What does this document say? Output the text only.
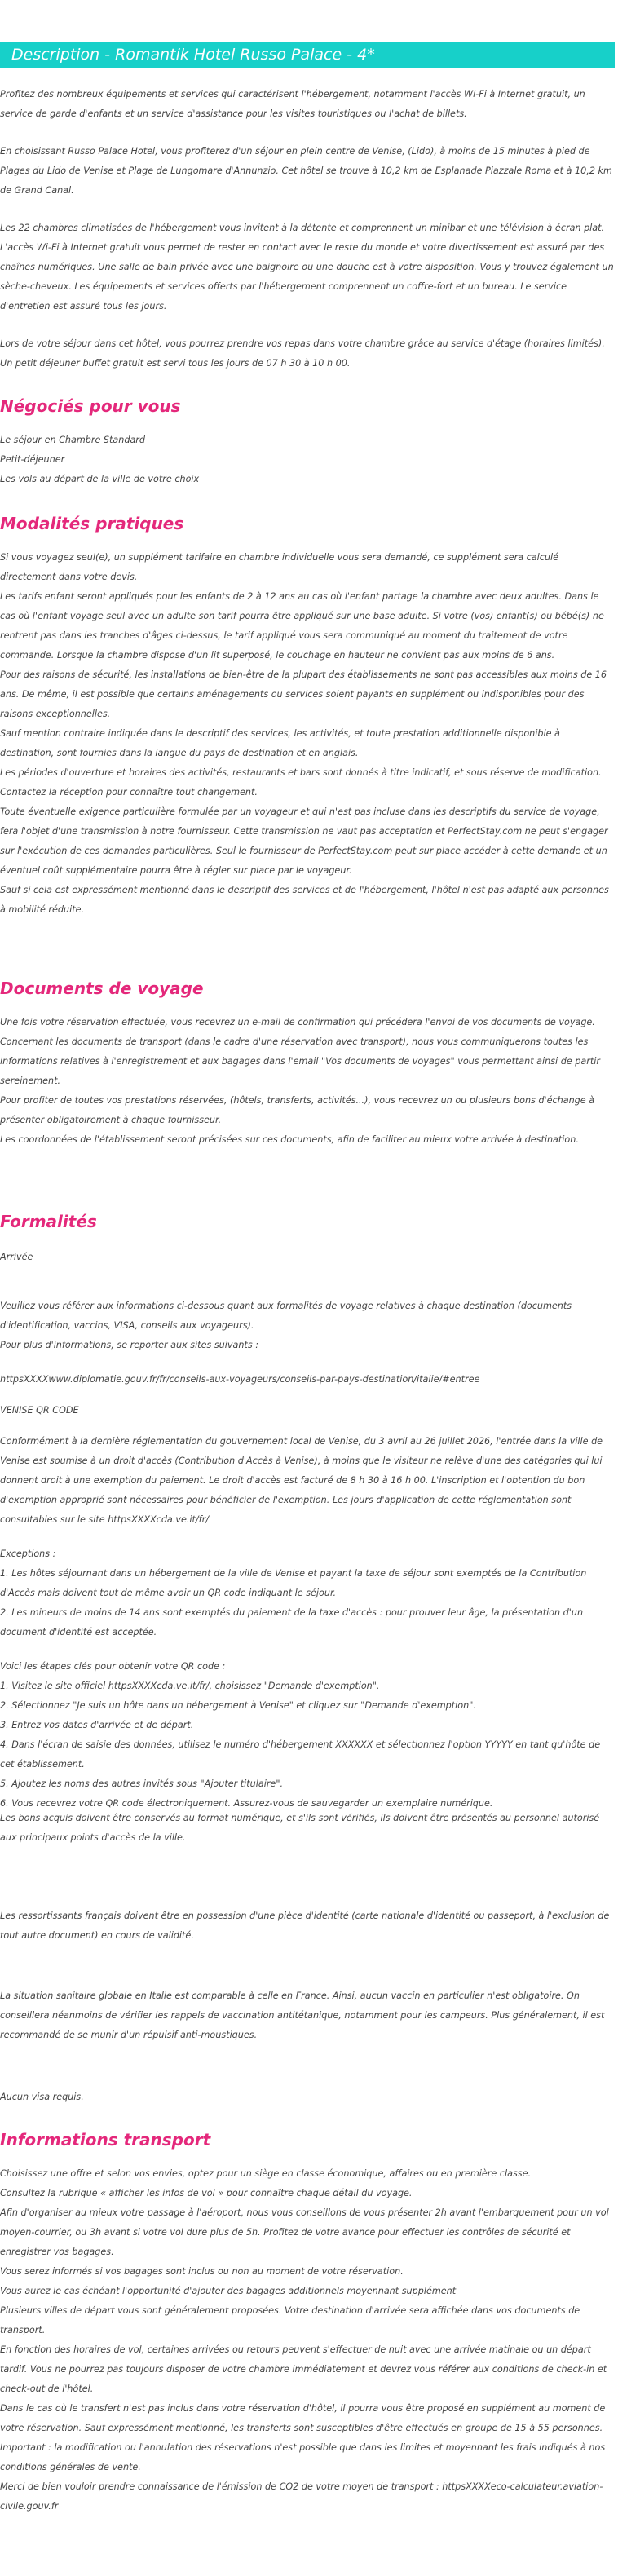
Description - Romantik Hotel Russo Palace - 4*

Profitez des nombreux équipements et services qui caractérisent l'hébergement, notamment l'accès Wi-Fi à Internet gratuit, un service de garde d'enfants et un service d'assistance pour les visites touristiques ou l'achat de billets.

En choisissant Russo Palace Hotel, vous profiterez d'un séjour en plein centre de Venise, (Lido), à moins de 15 minutes à pied de Plages du Lido de Venise et Plage de Lungomare d'Annunzio. Cet hôtel se trouve à 10,2 km de Esplanade Piazzale Roma et à 10,2 km de Grand Canal.

Les 22 chambres climatisées de l'hébergement vous invitent à la détente et comprennent un minibar et une télévision à écran plat. L'accès Wi-Fi à Internet gratuit vous permet de rester en contact avec le reste du monde et votre divertissement est assuré par des chaînes numériques. Une salle de bain privée avec une baignoire ou une douche est à votre disposition. Vous y trouvez également un sèche-cheveux. Les équipements et services offerts par l'hébergement comprennent un coffre-fort et un bureau. Le service d'entretien est assuré tous les jours.

Lors de votre séjour dans cet hôtel, vous pourrez prendre vos repas dans votre chambre grâce au service d'étage (horaires limités). Un petit déjeuner buffet gratuit est servi tous les jours de 07 h 30 à 10 h 00.

Négociés pour vous

Le séjour en Chambre Standard

Petit-déjeuner

Les vols au départ de la ville de votre choix

Modalités pratiques

Si vous voyagez seul(e), un supplément tarifaire en chambre individuelle vous sera demandé, ce supplément sera calculé directement dans votre devis.
Les tarifs enfant seront appliqués pour les enfants de 2 à 12 ans au cas où l'enfant partage la chambre avec deux adultes. Dans le cas où l'enfant voyage seul avec un adulte son tarif pourra être appliqué sur une base adulte. Si votre (vos) enfant(s) ou bébé(s) ne rentrent pas dans les tranches d'âges ci-dessus, le tarif appliqué vous sera communiqué au moment du traitement de votre commande. Lorsque la chambre dispose d'un lit superposé, le couchage en hauteur ne convient pas aux moins de 6 ans.
Pour des raisons de sécurité, les installations de bien-être de la plupart des établissements ne sont pas accessibles aux moins de 16 ans. De même, il est possible que certains aménagements ou services soient payants en supplément ou indisponibles pour des raisons exceptionnelles.
Sauf mention contraire indiquée dans le descriptif des services, les activités, et toute prestation additionnelle disponible à destination, sont fournies dans la langue du pays de destination et en anglais.
Les périodes d'ouverture et horaires des activités, restaurants et bars sont donnés à titre indicatif, et sous réserve de modification. Contactez la réception pour connaître tout changement.
Toute éventuelle exigence particulière formulée par un voyageur et qui n'est pas incluse dans les descriptifs du service de voyage, fera l'objet d'une transmission à notre fournisseur. Cette transmission ne vaut pas acceptation et PerfectStay.com ne peut s'engager sur l'exécution de ces demandes particulières. Seul le fournisseur de PerfectStay.com peut sur place accéder à cette demande et un éventuel coût supplémentaire pourra être à régler sur place par le voyageur.
Sauf si cela est expressément mentionné dans le descriptif des services et de l'hébergement, l'hôtel n'est pas adapté aux personnes à mobilité réduite.

Documents de voyage

Une fois votre réservation effectuée, vous recevrez un e-mail de confirmation qui précédera l'envoi de vos documents de voyage.
Concernant les documents de transport (dans le cadre d'une réservation avec transport), nous vous communiquerons toutes les informations relatives à l'enregistrement et aux bagages dans l'email "Vos documents de voyages" vous permettant ainsi de partir sereinement.
Pour profiter de toutes vos prestations réservées, (hôtels, transferts, activités...), vous recevrez un ou plusieurs bons d'échange à présenter obligatoirement à chaque fournisseur.
Les coordonnées de l'établissement seront précisées sur ces documents, afin de faciliter au mieux votre arrivée à destination.

Formalités

Arrivée

Veuillez vous référer aux informations ci-dessous quant aux formalités de voyage relatives à chaque destination (documents d'identification, vaccins, VISA, conseils aux voyageurs).
Pour plus d'informations, se reporter aux sites suivants :

httpsXXXXwww.diplomatie.gouv.fr/fr/conseils-aux-voyageurs/conseils-par-pays-destination/italie/#entree

VENISE QR CODE

Conformément à la dernière réglementation du gouvernement local de Venise, du 3 avril au 26 juillet 2026, l'entrée dans la ville de Venise est soumise à un droit d'accès (Contribution d'Accès à Venise), à moins que le visiteur ne relève d'une des catégories qui lui donnent droit à une exemption du paiement. Le droit d'accès est facturé de 8 h 30 à 16 h 00. L'inscription et l'obtention du bon d'exemption approprié sont nécessaires pour bénéficier de l'exemption. Les jours d'application de cette réglementation sont consultables sur le site httpsXXXXcda.ve.it/fr/

Exceptions :
1. Les hôtes séjournant dans un hébergement de la ville de Venise et payant la taxe de séjour sont exemptés de la Contribution d'Accès mais doivent tout de même avoir un QR code indiquant le séjour.
2. Les mineurs de moins de 14 ans sont exemptés du paiement de la taxe d'accès : pour prouver leur âge, la présentation d'un document d'identité est acceptée.

Voici les étapes clés pour obtenir votre QR code :
1. Visitez le site officiel httpsXXXXcda.ve.it/fr/, choisissez "Demande d'exemption".
2. Sélectionnez "Je suis un hôte dans un hébergement à Venise" et cliquez sur "Demande d'exemption".
3. Entrez vos dates d'arrivée et de départ.
4. Dans l'écran de saisie des données, utilisez le numéro d'hébergement XXXXXX et sélectionnez l'option YYYYY en tant qu'hôte de cet établissement.
5. Ajoutez les noms des autres invités sous "Ajouter titulaire".
6. Vous recevrez votre QR code électroniquement. Assurez-vous de sauvegarder un exemplaire numérique.

Les bons acquis doivent être conservés au format numérique, et s'ils sont vérifiés, ils doivent être présentés au personnel autorisé aux principaux points d'accès de la ville.

Les ressortissants français doivent être en possession d'une pièce d'identité (carte nationale d'identité ou passeport, à l'exclusion de tout autre document) en cours de validité.

La situation sanitaire globale en Italie est comparable à celle en France. Ainsi, aucun vaccin en particulier n'est obligatoire. On conseillera néanmoins de vérifier les rappels de vaccination antitétanique, notamment pour les campeurs. Plus généralement, il est recommandé de se munir d'un répulsif anti-moustiques.

Aucun visa requis.

Informations transport

Choisissez une offre et selon vos envies, optez pour un siège en classe économique, affaires ou en première classe.
Consultez la rubrique « afficher les infos de vol » pour connaître chaque détail du voyage.
Afin d'organiser au mieux votre passage à l'aéroport, nous vous conseillons de vous présenter 2h avant l'embarquement pour un vol moyen-courrier, ou 3h avant si votre vol dure plus de 5h. Profitez de votre avance pour effectuer les contrôles de sécurité et enregistrer vos bagages.
Vous serez informés si vos bagages sont inclus ou non au moment de votre réservation.
Vous aurez le cas échéant l'opportunité d'ajouter des bagages additionnels moyennant supplément
Plusieurs villes de départ vous sont généralement proposées. Votre destination d'arrivée sera affichée dans vos documents de transport.
En fonction des horaires de vol, certaines arrivées ou retours peuvent s'effectuer de nuit avec une arrivée matinale ou un départ tardif. Vous ne pourrez pas toujours disposer de votre chambre immédiatement et devrez vous référer aux conditions de check-in et check-out de l'hôtel.
Dans le cas où le transfert n'est pas inclus dans votre réservation d'hôtel, il pourra vous être proposé en supplément au moment de votre réservation. Sauf expressément mentionné, les transferts sont susceptibles d'être effectués en groupe de 15 à 55 personnes.
Important : la modification ou l'annulation des réservations n'est possible que dans les limites et moyennant les frais indiqués à nos conditions générales de vente.
Merci de bien vouloir prendre connaissance de l'émission de CO2 de votre moyen de transport : httpsXXXXeco-calculateur.aviation-civile.gouv.fr
